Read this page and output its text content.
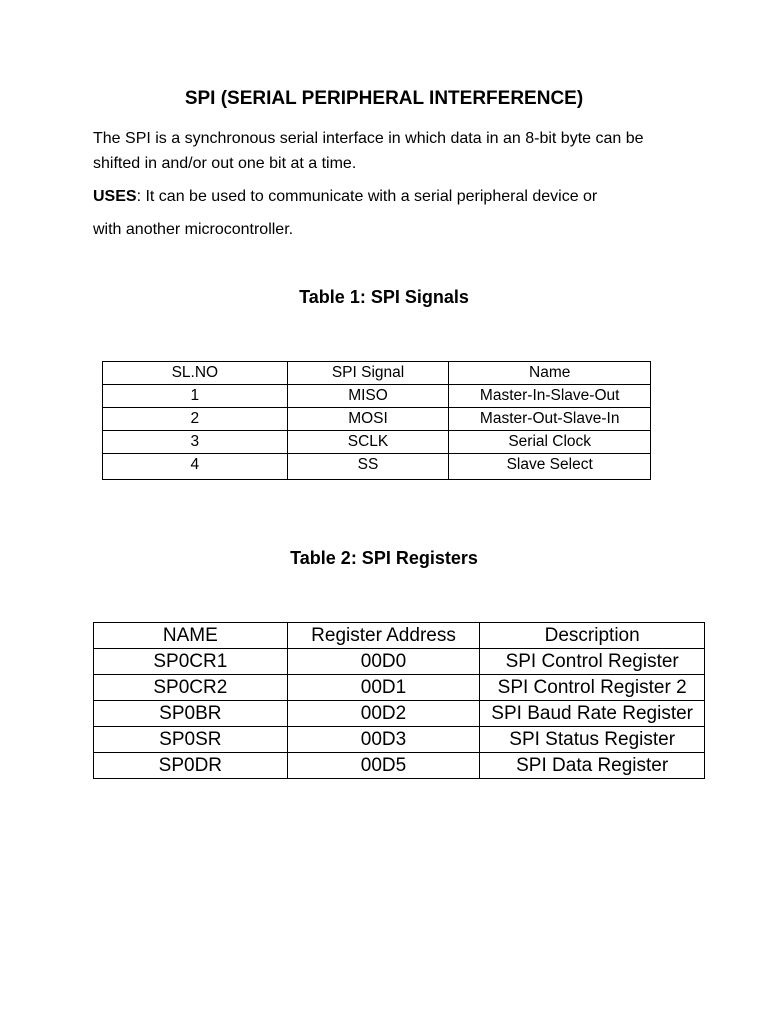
SPI (SERIAL PERIPHERAL INTERFERENCE)

The SPI is a synchronous serial interface in which data in an 8-bit byte can be shifted in and/or out one bit at a time.

USES: It can be used to communicate with a serial peripheral device or

with another microcontroller.

Table 1: SPI Signals
SL.NO	SPI Signal	Name
1	MISO	Master-In-Slave-Out
2	MOSI	Master-Out-Slave-In
3	SCLK	Serial Clock
4	SS	Slave Select
Table 2: SPI Registers
NAME	Register Address	Description
SP0CR1	00D0	SPI Control Register
SP0CR2	00D1	SPI Control Register 2
SP0BR	00D2	SPI Baud Rate Register
SP0SR	00D3	SPI Status Register
SP0DR	00D5	SPI Data Register
